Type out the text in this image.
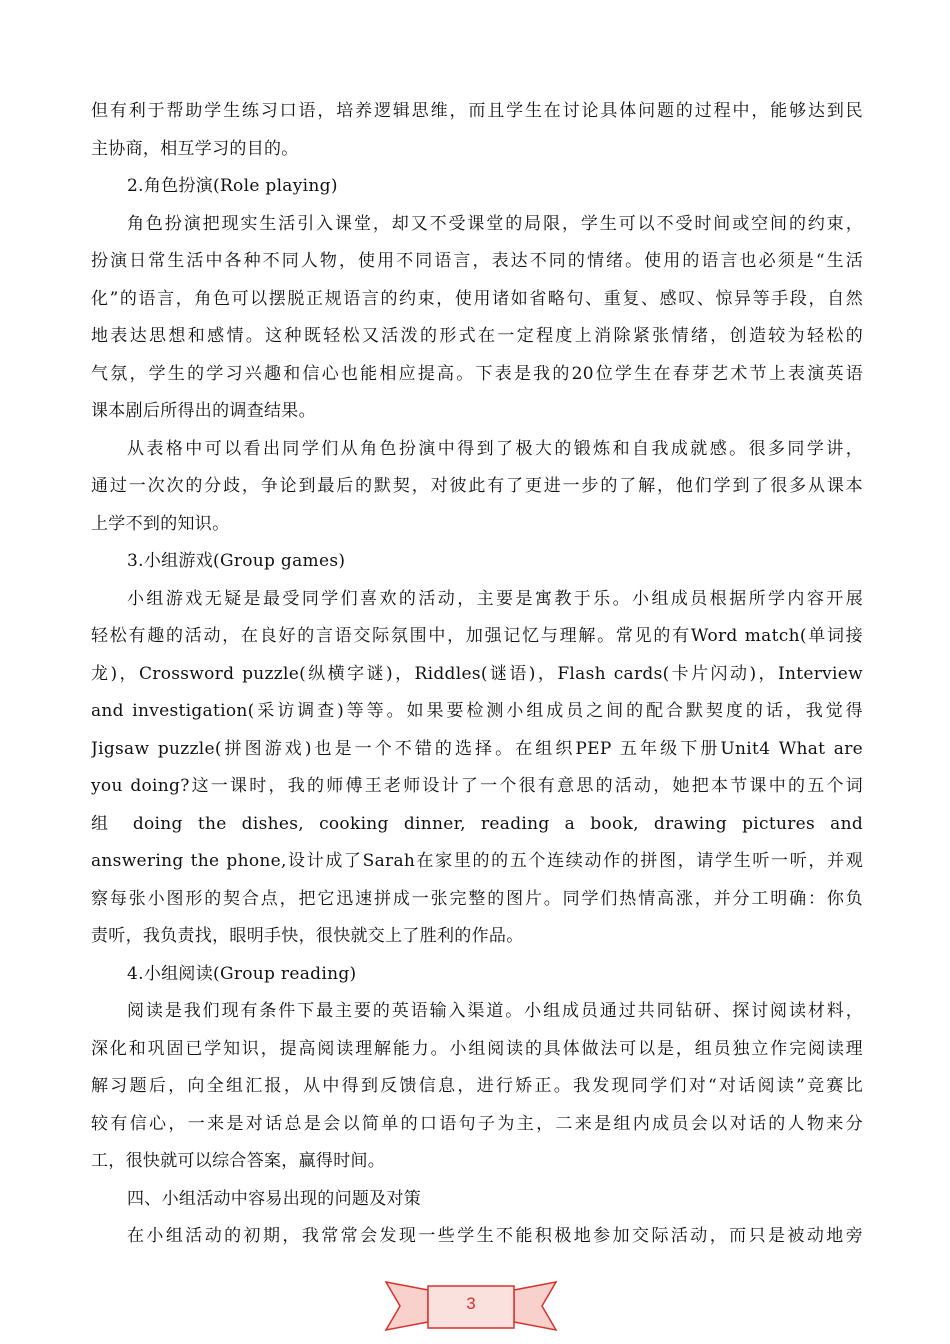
但有利于帮助学生练习口语，培养逻辑思维，而且学生在讨论具体问题的过程中，能够达到民
主协商，相互学习的目的。
2.角色扮演(Role playing)
角色扮演把现实生活引入课堂，却又不受课堂的局限，学生可以不受时间或空间的约束，
扮演日常生活中各种不同人物，使用不同语言，表达不同的情绪。使用的语言也必须是“生活
化”的语言，角色可以摆脱正规语言的约束，使用诸如省略句、重复、感叹、惊异等手段，自然
地表达思想和感情。这种既轻松又活泼的形式在一定程度上消除紧张情绪，创造较为轻松的
气氛，学生的学习兴趣和信心也能相应提高。下表是我的20位学生在春芽艺术节上表演英语
课本剧后所得出的调查结果。
从表格中可以看出同学们从角色扮演中得到了极大的锻炼和自我成就感。很多同学讲，
通过一次次的分歧，争论到最后的默契，对彼此有了更进一步的了解，他们学到了很多从课本
上学不到的知识。
3.小组游戏(Group games)
小组游戏无疑是最受同学们喜欢的活动，主要是寓教于乐。小组成员根据所学内容开展
轻松有趣的活动，在良好的言语交际氛围中，加强记忆与理解。常见的有Word match(单词接
龙)，Crossword puzzle(纵横字谜)，Riddles(谜语)，Flash cards(卡片闪动)，Interview
and investigation(采访调查)等等。如果要检测小组成员之间的配合默契度的话，我觉得
Jigsaw puzzle(拼图游戏)也是一个不错的选择。在组织PEP 五年级下册Unit4 What are
you doing?这一课时，我的师傅王老师设计了一个很有意思的活动，她把本节课中的五个词
组 doing the dishes, cooking dinner, reading a book, drawing pictures and
answering the phone,设计成了Sarah在家里的的五个连续动作的拼图，请学生听一听，并观
察每张小图形的契合点，把它迅速拼成一张完整的图片。同学们热情高涨，并分工明确：你负
责听，我负责找，眼明手快，很快就交上了胜利的作品。
4.小组阅读(Group reading)
阅读是我们现有条件下最主要的英语输入渠道。小组成员通过共同钻研、探讨阅读材料，
深化和巩固已学知识，提高阅读理解能力。小组阅读的具体做法可以是，组员独立作完阅读理
解习题后，向全组汇报，从中得到反馈信息，进行矫正。我发现同学们对“对话阅读”竞赛比
较有信心，一来是对话总是会以简单的口语句子为主，二来是组内成员会以对话的人物来分
工，很快就可以综合答案，赢得时间。
四、小组活动中容易出现的问题及对策
在小组活动的初期，我常常会发现一些学生不能积极地参加交际活动，而只是被动地旁
3
